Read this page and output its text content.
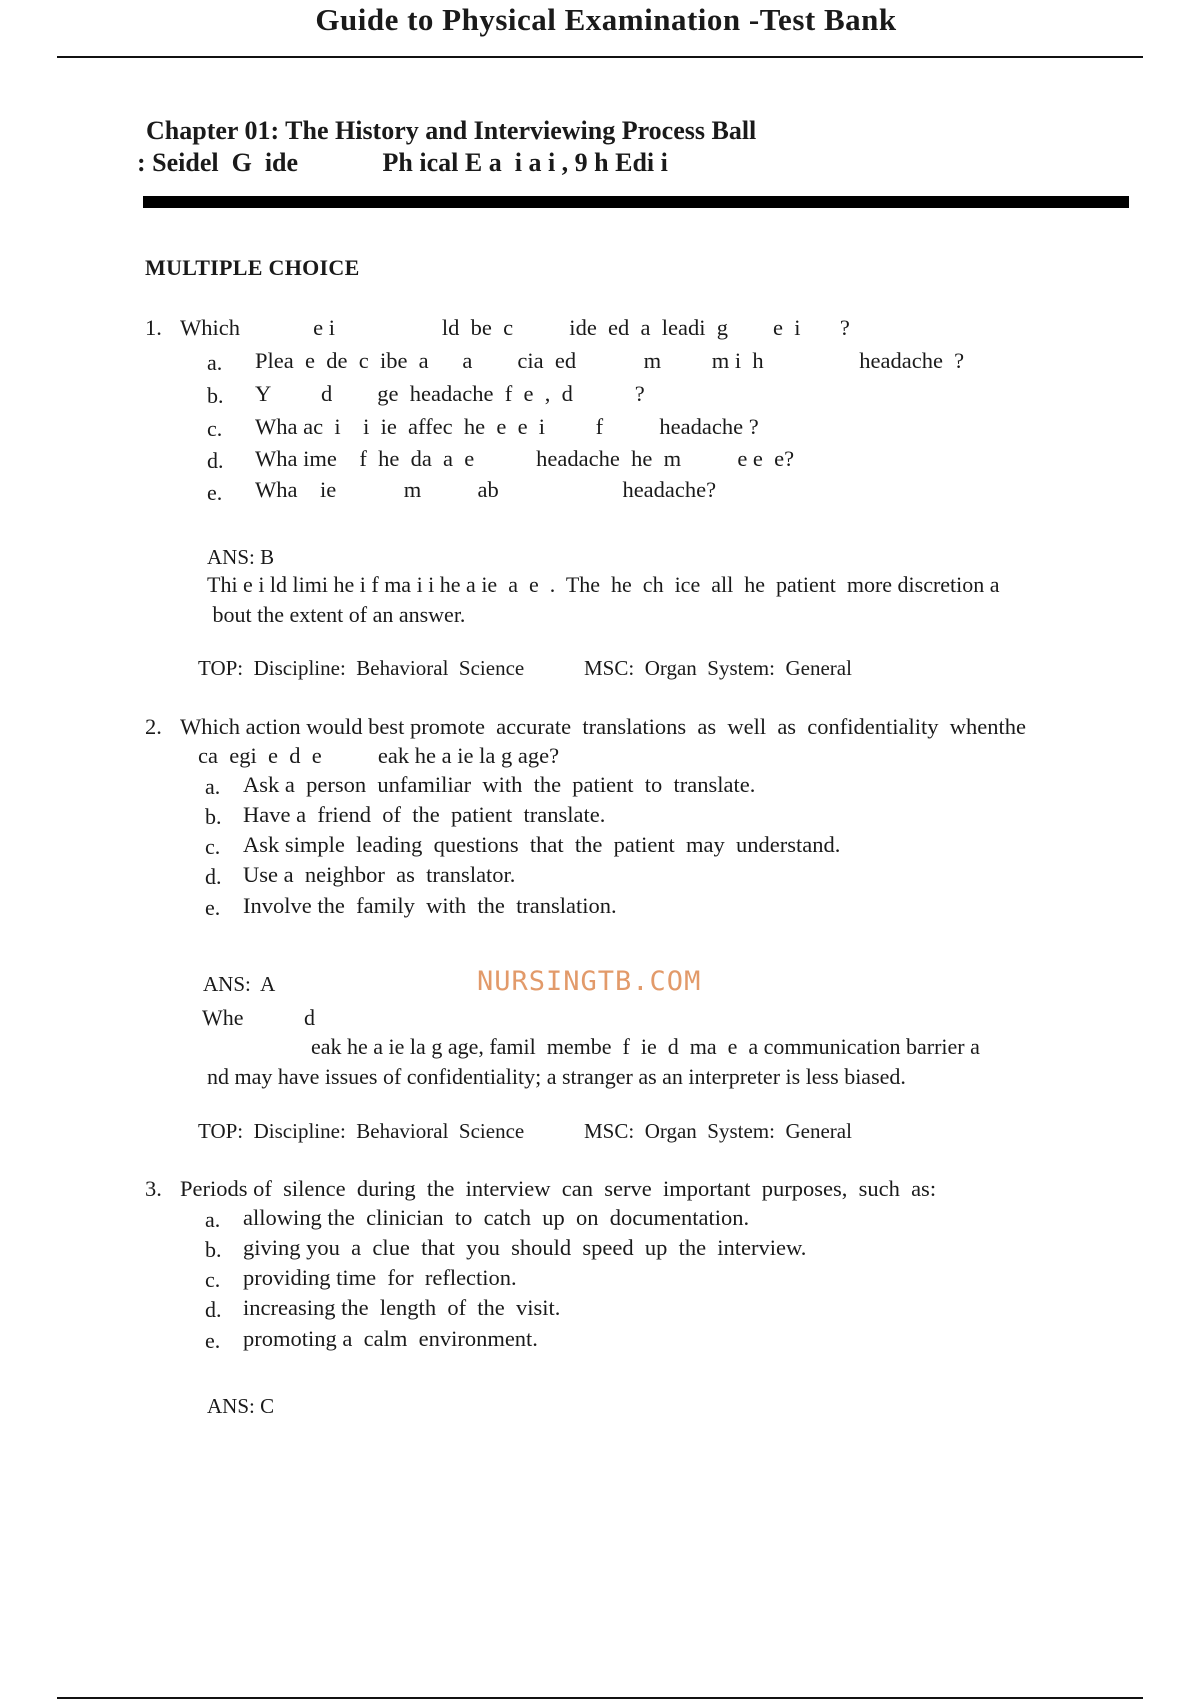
Guide to Physical Examination -Test Bank
Chapter 01: The History and Interviewing Process Ball
: Seidel  G  ide             Ph ical E a  i a i , 9 h Edi i
MULTIPLE CHOICE
1. Which             e i                   ld  be  c          ide  ed  a  leadi  g        e  i       ?
a. Plea  e  de  c  ibe  a      a        cia  ed            m         m i  h                 headache  ?
b. Y         d        ge  headache  f  e  ,  d           ?
c. Wha ac  i    i  ie  affec  he  e  e  i         f          headache ?
d. Wha ime    f  he  da  a  e           headache  he  m          e e  e?
e. Wha    ie            m          ab                      headache?
ANS: B
Thi e i ld limi he i f ma i i he a ie  a  e  .  The  he  ch  ice  all  he  patient  more discretion a
bout the extent of an answer.
TOP:  Discipline:  Behavioral  Science	MSC:  Organ  System:  General
2. Which action would best promote  accurate  translations  as  well  as  confidentiality  whenthe
ca  egi  e  d  e          eak he a ie la g age?
a. Ask a  person  unfamiliar  with  the  patient  to  translate.
b. Have a  friend  of  the  patient  translate.
c. Ask simple  leading  questions  that  the  patient  may  understand.
d. Use a  neighbor  as  translator.
e. Involve the  family  with  the  translation.
ANS:  A	NURSINGTB.COM
Whe           d
eak he a ie la g age, famil  membe  f  ie  d  ma  e  a communication barrier a
nd may have issues of confidentiality; a stranger as an interpreter is less biased.
TOP:  Discipline:  Behavioral  Science	MSC:  Organ  System:  General
3. Periods of  silence  during  the  interview  can  serve  important  purposes,  such  as:
a. allowing the  clinician  to  catch  up  on  documentation.
b. giving you  a  clue  that  you  should  speed  up  the  interview.
c. providing time  for  reflection.
d. increasing the  length  of  the  visit.
e. promoting a  calm  environment.
ANS: C
